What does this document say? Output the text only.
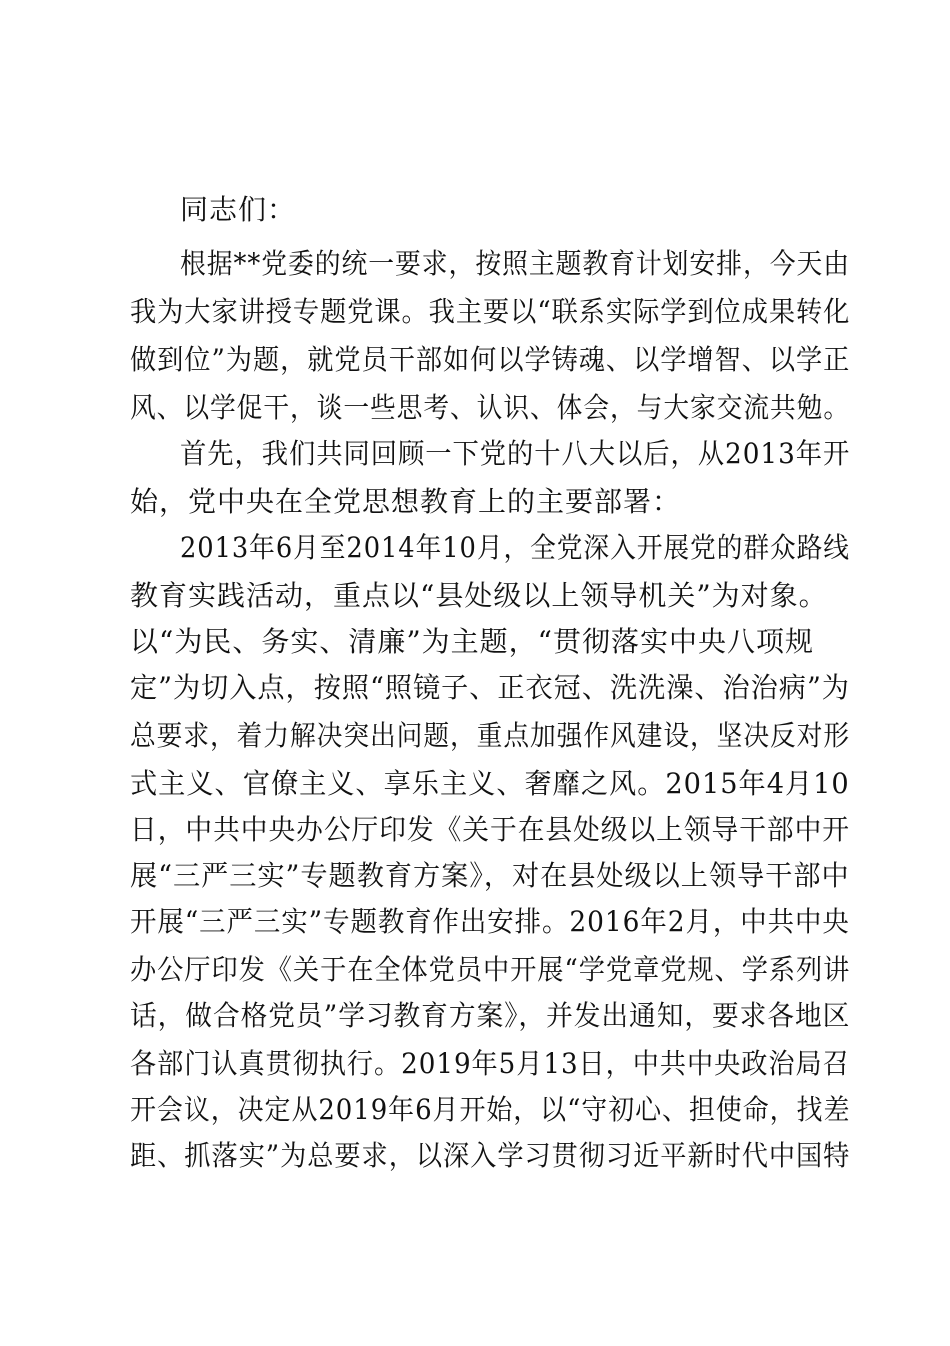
同志们：
根据**党委的统一要求，按照主题教育计划安排，今天由
我为大家讲授专题党课。我主要以“联系实际学到位成果转化
做到位”为题，就党员干部如何以学铸魂、以学增智、以学正
风、以学促干，谈一些思考、认识、体会，与大家交流共勉。
首先，我们共同回顾一下党的十八大以后，从2013年开
始，党中央在全党思想教育上的主要部署：
2013年6月至2014年10月，全党深入开展党的群众路线
教育实践活动，重点以“县处级以上领导机关”为对象。
以“为民、务实、清廉”为主题，“贯彻落实中央八项规
定”为切入点，按照“照镜子、正衣冠、洗洗澡、治治病”为
总要求，着力解决突出问题，重点加强作风建设，坚决反对形
式主义、官僚主义、享乐主义、奢靡之风。2015年4月10
日，中共中央办公厅印发《关于在县处级以上领导干部中开
展“三严三实”专题教育方案》，对在县处级以上领导干部中
开展“三严三实”专题教育作出安排。2016年2月，中共中央
办公厅印发《关于在全体党员中开展“学党章党规、学系列讲
话，做合格党员”学习教育方案》，并发出通知，要求各地区
各部门认真贯彻执行。2019年5月13日，中共中央政治局召
开会议，决定从2019年6月开始，以“守初心、担使命，找差
距、抓落实”为总要求，以深入学习贯彻习近平新时代中国特
